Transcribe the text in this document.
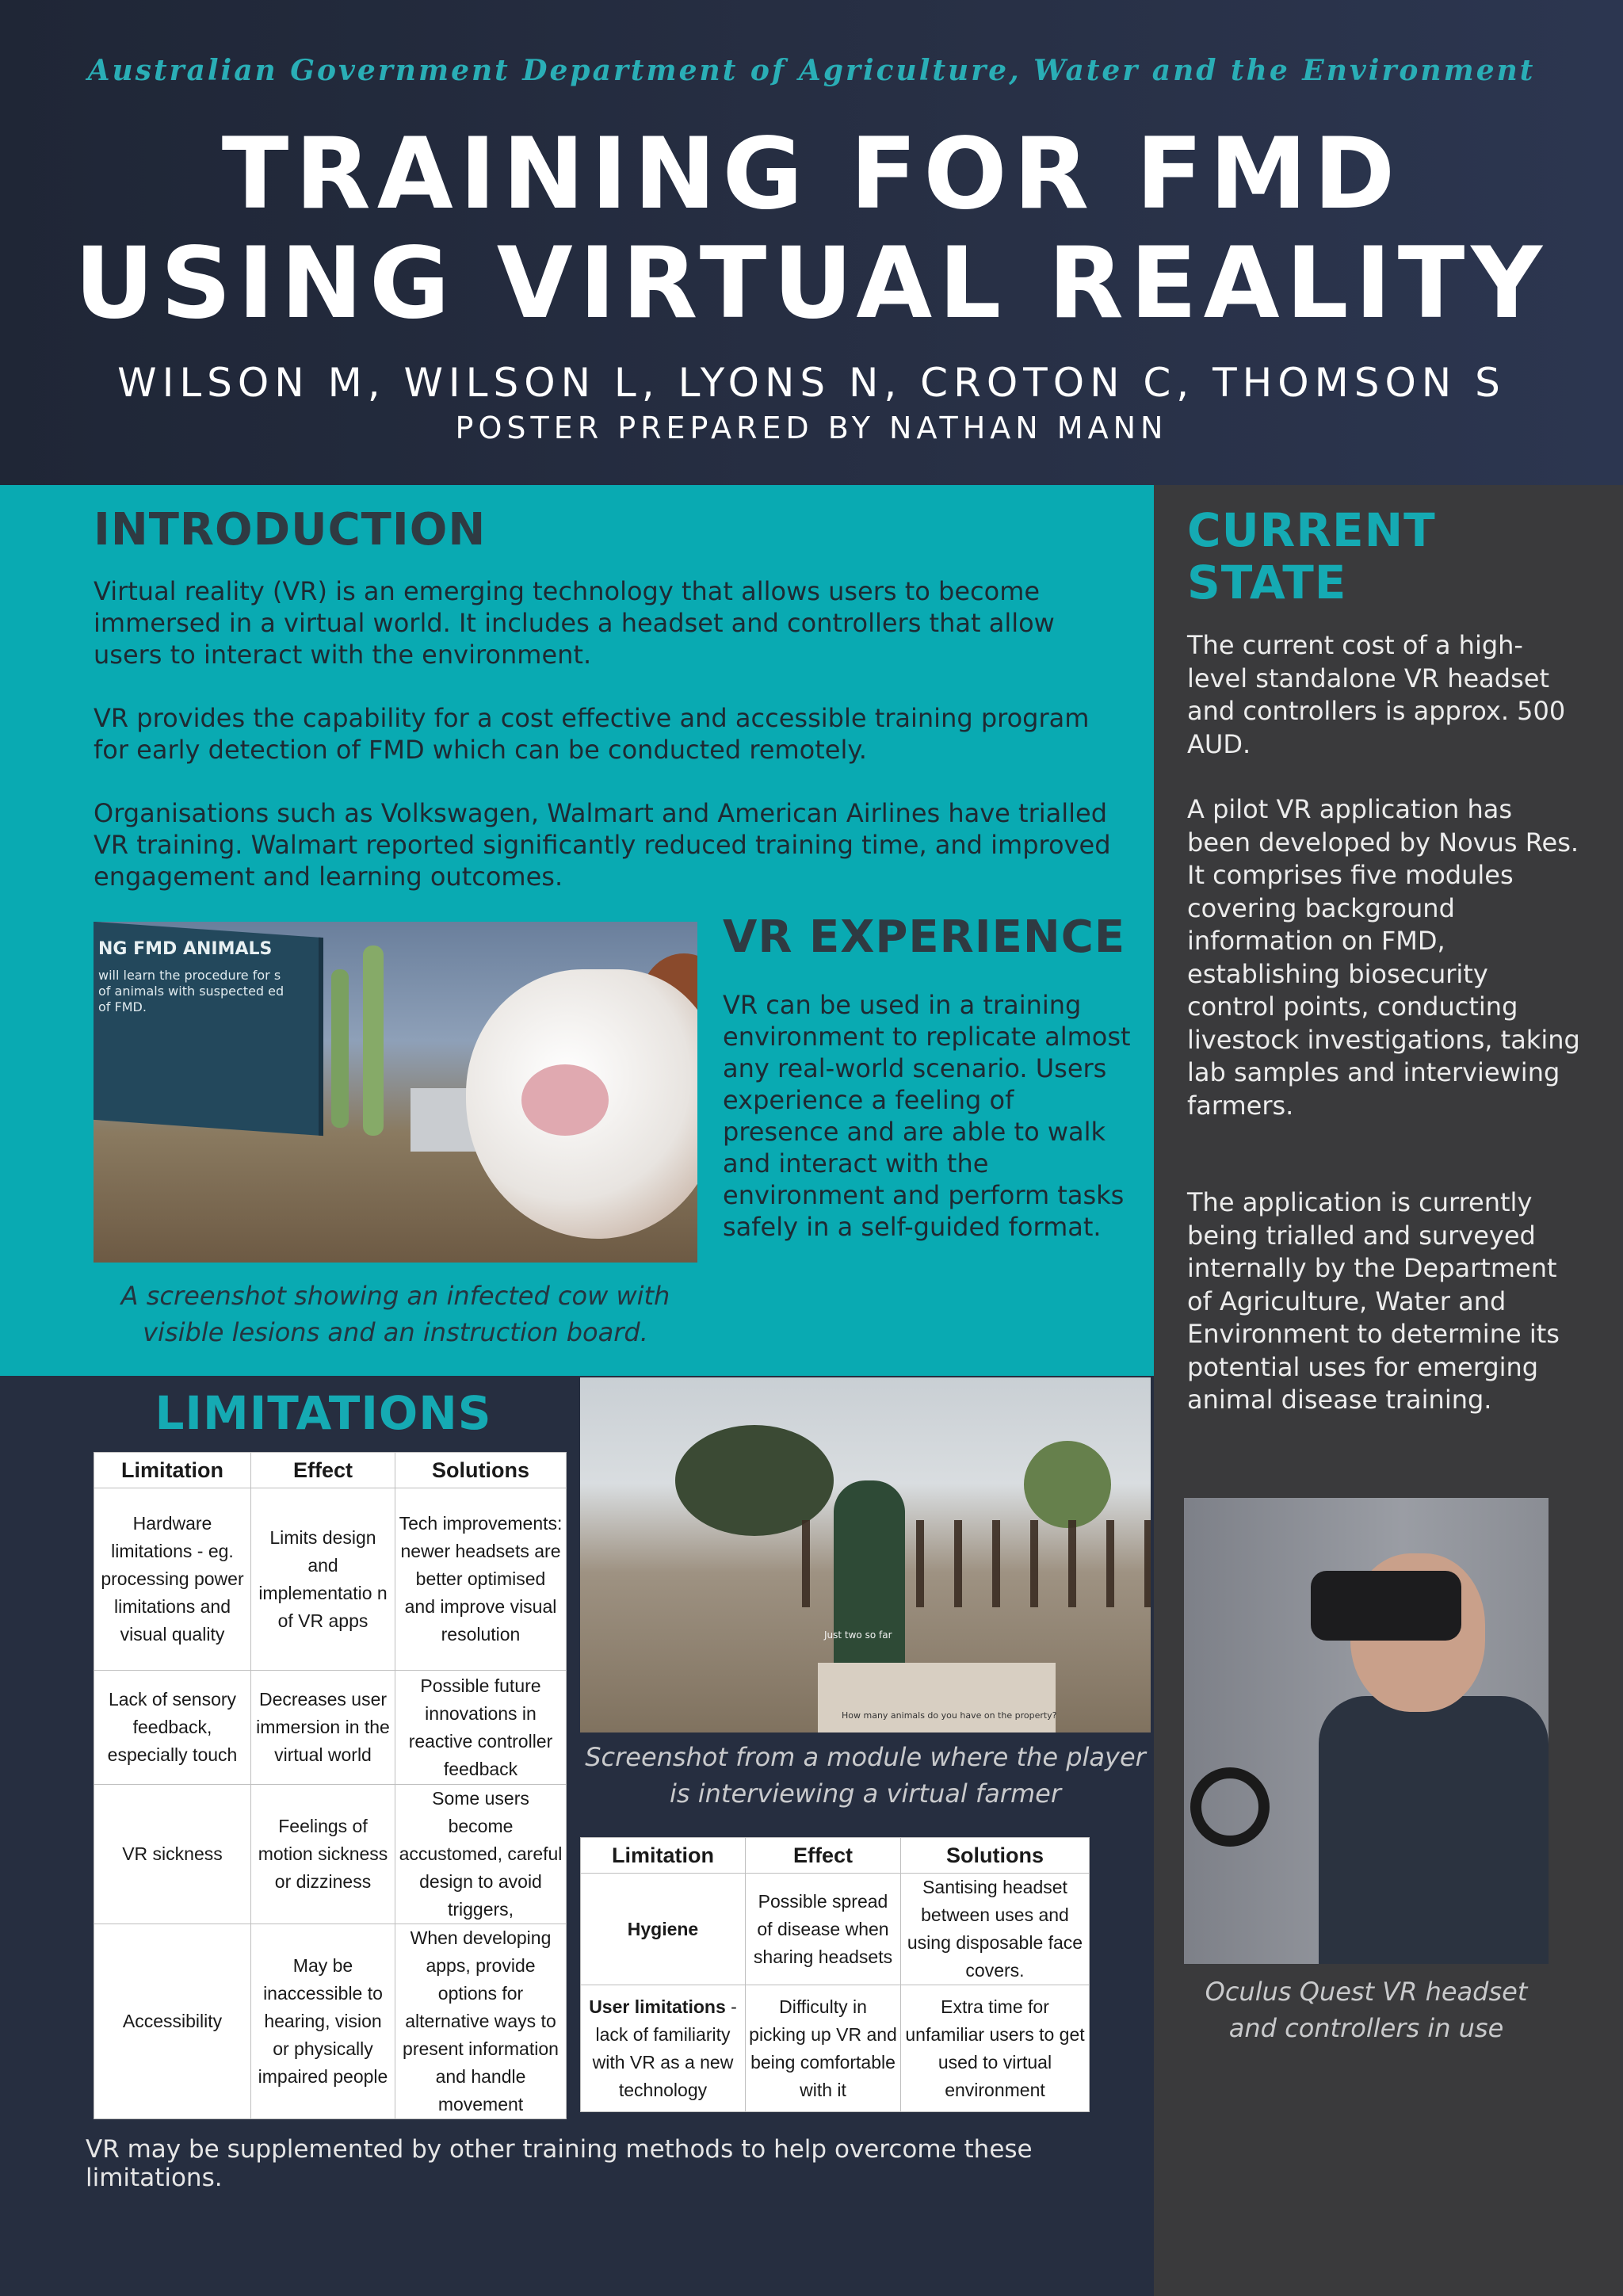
Australian Government Department of Agriculture, Water and the Environment
TRAINING FOR FMD
USING VIRTUAL REALITY
WILSON M, WILSON L, LYONS N, CROTON C, THOMSON S
POSTER PREPARED BY NATHAN MANN
INTRODUCTION
Virtual reality (VR) is an emerging technology that allows users to become immersed in a virtual world. It includes a headset and controllers that allow users to interact with the environment.
VR provides the capability for a cost effective and accessible training program for early detection of FMD which can be conducted remotely.
Organisations such as Volkswagen, Walmart and American Airlines have trialled VR training. Walmart reported significantly reduced training time, and improved engagement and learning outcomes.
NG FMD ANIMALS
will learn the procedure for s of animals with suspected ed of FMD.
A screenshot showing an infected cow with visible lesions and an instruction board.
VR EXPERIENCE
VR can be used in a training environment to replicate almost any real-world scenario. Users experience a feeling of presence and are able to walk and interact with the environment and perform tasks safely in a self-guided format.
CURRENT STATE
The current cost of a high-level standalone VR headset and controllers is approx. 500 AUD.
A pilot VR application has been developed by Novus Res. It comprises five modules covering background information on FMD, establishing biosecurity control points, conducting livestock investigations, taking lab samples and interviewing farmers.
The application is currently being trialled and surveyed internally by the Department of Agriculture, Water and Environment to determine its potential uses for emerging animal disease training.
Oculus Quest VR headset and controllers in use
LIMITATIONS
Limitation	Effect	Solutions
Hardware limitations - eg. processing power limitations and visual quality	Limits design and implementatio n of VR apps	Tech improvements: newer headsets are better optimised and improve visual resolution
Lack of sensory feedback, especially touch	Decreases user immersion in the virtual world	Possible future innovations in reactive controller feedback
VR sickness	Feelings of motion sickness or dizziness	Some users become accustomed, careful design to avoid triggers,
Accessibility	May be inaccessible to hearing, vision or physically impaired people	When developing apps, provide options for alternative ways to present information and handle movement
Just two so far
How many animals do you have on the property?
Screenshot from a module where the player is interviewing a virtual farmer
Limitation	Effect	Solutions
Hygiene	Possible spread of disease when sharing headsets	Santising headset between uses and using disposable face covers.
User limitations - lack of familiarity with VR as a new technology	Difficulty in picking up VR and being comfortable with it	Extra time for unfamiliar users to get used to virtual environment
VR may be supplemented by other training methods to help overcome these limitations.
